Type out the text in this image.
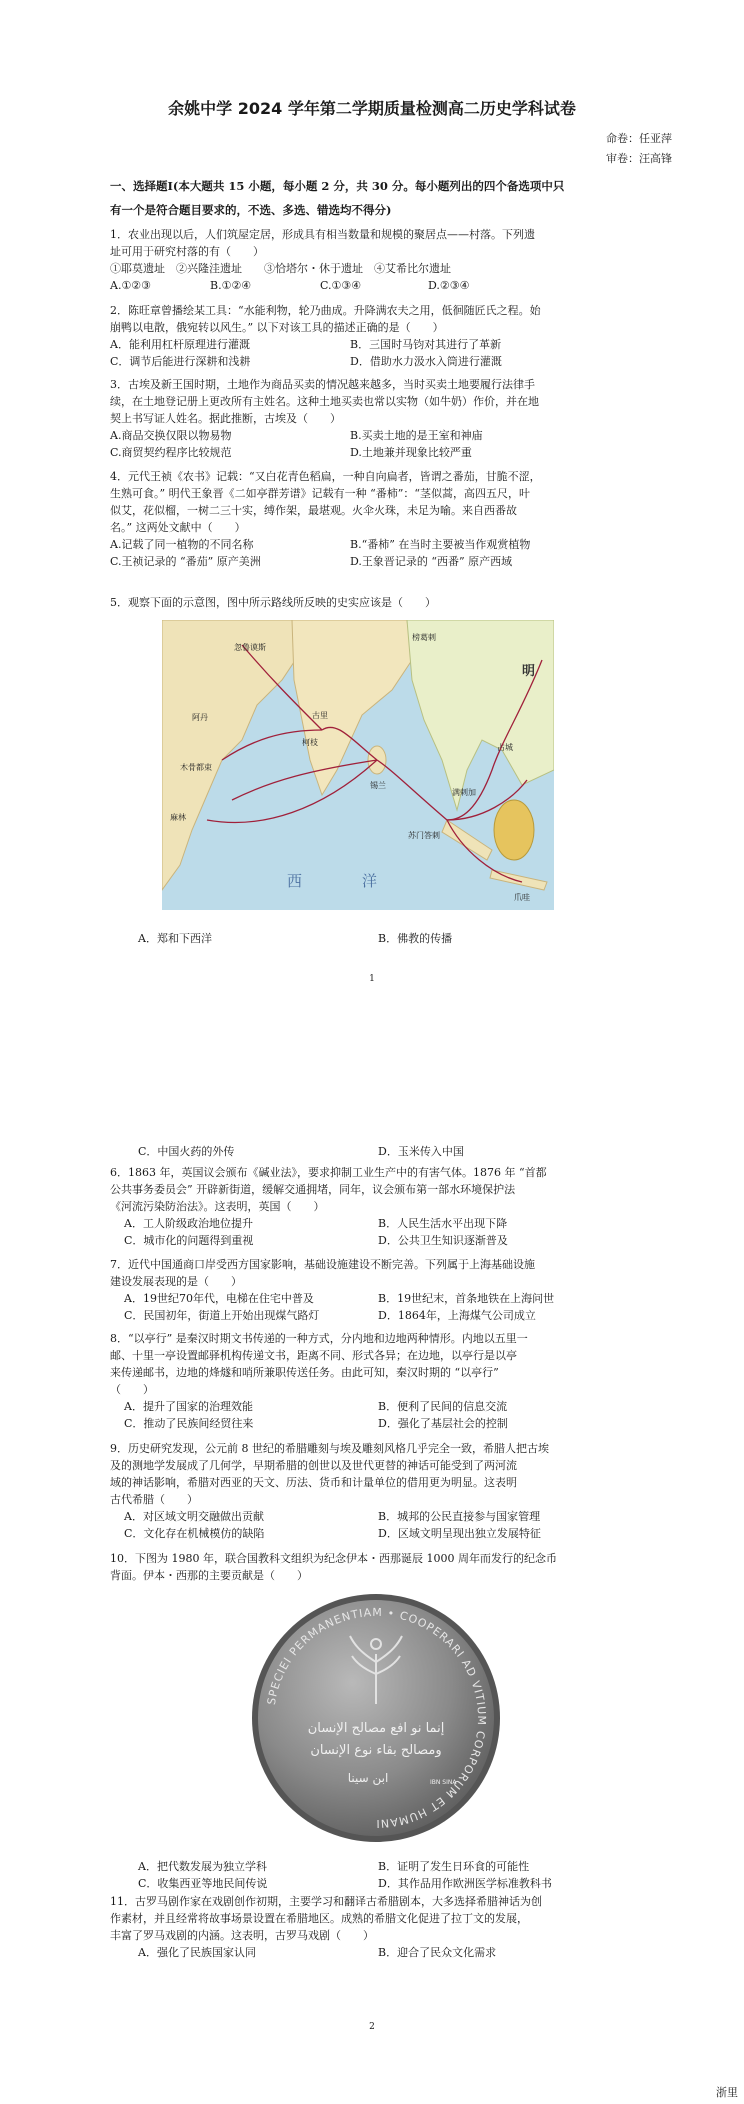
余姚中学 2024 学年第二学期质量检测高二历史学科试卷
命卷：任亚萍
审卷：汪高锋
一、选择题Ⅰ(本大题共 15 小题，每小题 2 分，共 30 分。每小题列出的四个备选项中只
有一个是符合题目要求的，不选、多选、错选均不得分)
1．农业出现以后，人们筑屋定居，形成具有相当数量和规模的聚居点——村落。下列遗
址可用于研究村落的有（　　）
①耶莫遗址　②兴隆洼遗址　　③恰塔尔・休于遗址　④艾希比尔遗址
A.①②③	B.①②④	C.①③④	D.②③④
2．陈旺章曾播绘某工具：“水能利物，轮乃曲成。升降满农夫之用，低徊随匠氏之程。始
崩鸭以电散，俄宛转以风生。” 以下对该工具的描述正确的是（　　）
A．能利用杠杆原理进行灌溉	B．三国时马钧对其进行了革新
C．调节后能进行深耕和浅耕	D．借助水力汲水入筒进行灌溉
3．古埃及新王国时期，土地作为商品买卖的情况越来越多，当时买卖土地要履行法律手
续，在土地登记册上更改所有主姓名。这种土地买卖也常以实物（如牛奶）作价，并在地
契上书写证人姓名。据此推断，古埃及（　　）
A.商品交换仅限以物易物	B.买卖土地的是王室和神庙
C.商贸契约程序比较规范	D.土地兼并现象比较严重
4．元代王祯《农书》记载：“又白花青色稻扁，一种自向扁者，皆谓之番茄，甘脆不涩，
生熟可食。” 明代王象晋《二如亭群芳谱》记载有一种 “番柿”：“茎似蒿，高四五尺，叶
似艾，花似榴，一树二三十实，缚作架，最堪观。火伞火珠，未足为喻。来自西番故
名。” 这两处文献中（　　）
A.记载了同一植物的不同名称	B.“番柿” 在当时主要被当作观赏植物
C.王祯记录的 “番茄” 原产美洲	D.王象晋记录的 “西番” 原产西域
5．观察下面的示意图，图中所示路线所反映的史实应该是（　　）
西　　　　洋
明
忽鲁谟斯
阿丹
木骨都束
麻林
古里
柯枝
锡兰
苏门答刺
爪哇
满剌加
占城
榜葛剌
A．郑和下西洋	B．佛教的传播
1
C．中国火药的外传	D．玉米传入中国
6．1863 年，英国议会颁布《碱业法》，要求抑制工业生产中的有害气体。1876 年 “首都
公共事务委员会” 开辟新街道，缓解交通拥堵，同年，议会颁布第一部水环境保护法
《河流污染防治法》。这表明，英国（　　）
A．工人阶级政治地位提升	B．人民生活水平出现下降
C．城市化的问题得到重视	D．公共卫生知识逐渐普及
7．近代中国通商口岸受西方国家影响，基础设施建设不断完善。下列属于上海基础设施
建设发展表现的是（　　）
A．19世纪70年代，电梯在住宅中普及	B．19世纪末，首条地铁在上海问世
C．民国初年，街道上开始出现煤气路灯	D．1864年，上海煤气公司成立
8．“以亭行” 是秦汉时期文书传递的一种方式，分内地和边地两种情形。内地以五里一
邮、十里一亭设置邮驿机构传递文书，距离不同、形式各异；在边地，以亭行是以亭
来传递邮书，边地的烽燧和哨所兼职传送任务。由此可知，秦汉时期的 “以亭行”
（　　）
A．提升了国家的治理效能	B．便利了民间的信息交流
C．推动了民族间经贸往来	D．强化了基层社会的控制
9．历史研究发现，公元前 8 世纪的希腊雕刻与埃及雕刻风格几乎完全一致，希腊人把古埃
及的测地学发展成了几何学，早期希腊的创世以及世代更替的神话可能受到了两河流
域的神话影响，希腊对西亚的天文、历法、货币和计量单位的借用更为明显。这表明
古代希腊（　　）
A．对区域文明交融做出贡献	B．城邦的公民直接参与国家管理
C．文化存在机械模仿的缺陷	D．区域文明呈现出独立发展特征
10．下图为 1980 年，联合国教科文组织为纪念伊本・西那诞辰 1000 周年而发行的纪念币
背面。伊本・西那的主要贡献是（　　）
SPECIEI PERMANENTIAM • COOPERARI AD VITIUM CORPORUM ET HUMANI
إنما نو افع مصالح الإنسان
ومصالح بقاء نوع الإنسان
ابن سينا	IBN SINA
A．把代数发展为独立学科	B．证明了发生日环食的可能性
C．收集西亚等地民间传说	D．其作品用作欧洲医学标准教科书
11．古罗马剧作家在戏剧创作初期，主要学习和翻译古希腊剧本，大多选择希腊神话为创
作素材，并且经常将故事场景设置在希腊地区。成熟的希腊文化促进了拉丁文的发展，
丰富了罗马戏剧的内涵。这表明，古罗马戏剧（　　）
A．强化了民族国家认同	B．迎合了民众文化需求
2
浙里
